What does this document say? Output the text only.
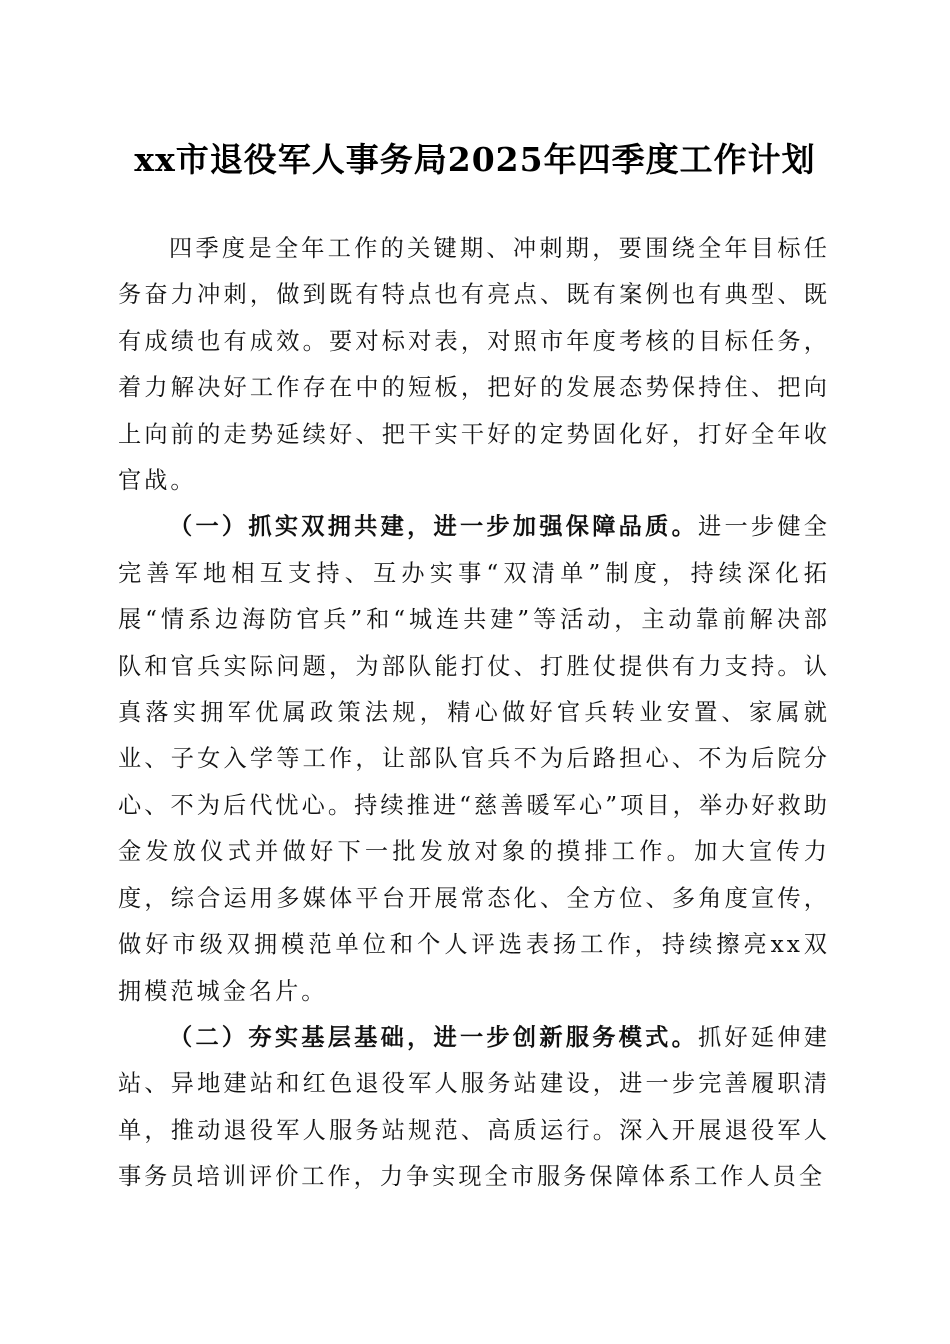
xx市退役军人事务局2025年四季度工作计划

四季度是全年工作的关键期、冲刺期，要围绕全年目标任务奋力冲刺，做到既有特点也有亮点、既有案例也有典型、既有成绩也有成效。要对标对表，对照市年度考核的目标任务，着力解决好工作存在中的短板，把好的发展态势保持住、把向上向前的走势延续好、把干实干好的定势固化好，打好全年收官战。

（一）抓实双拥共建，进一步加强保障品质。进一步健全完善军地相互支持、互办实事“双清单”制度，持续深化拓展“情系边海防官兵”和“城连共建”等活动，主动靠前解决部队和官兵实际问题，为部队能打仗、打胜仗提供有力支持。认真落实拥军优属政策法规，精心做好官兵转业安置、家属就业、子女入学等工作，让部队官兵不为后路担心、不为后院分心、不为后代忧心。持续推进“慈善暖军心”项目，举办好救助金发放仪式并做好下一批发放对象的摸排工作。加大宣传力度，综合运用多媒体平台开展常态化、全方位、多角度宣传，做好市级双拥模范单位和个人评选表扬工作，持续擦亮xx双拥模范城金名片。

（二）夯实基层基础，进一步创新服务模式。抓好延伸建站、异地建站和红色退役军人服务站建设，进一步完善履职清单，推动退役军人服务站规范、高质运行。深入开展退役军人事务员培训评价工作，力争实现全市服务保障体系工作人员全
